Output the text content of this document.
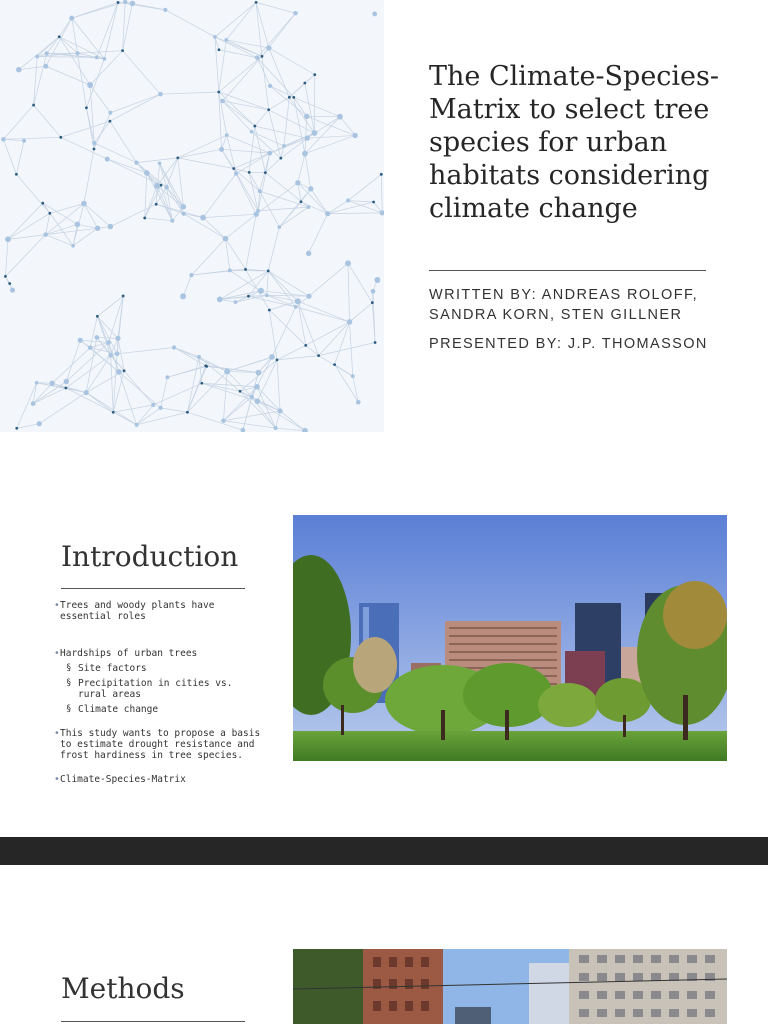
The Climate-Species-Matrix to select tree species for urban habitats considering climate change

WRITTEN BY: ANDREAS ROLOFF, SANDRA KORN, STEN GILLNER

PRESENTED BY: J.P. THOMASSON

Introduction
• Trees and woody plants have essential roles
• Hardships of urban trees
§ Site factors
§ Precipitation in cities vs. rural areas
§ Climate change
• This study wants to propose a basis to estimate drought resistance and frost hardiness in tree species.
• Climate-Species-Matrix
Methods
